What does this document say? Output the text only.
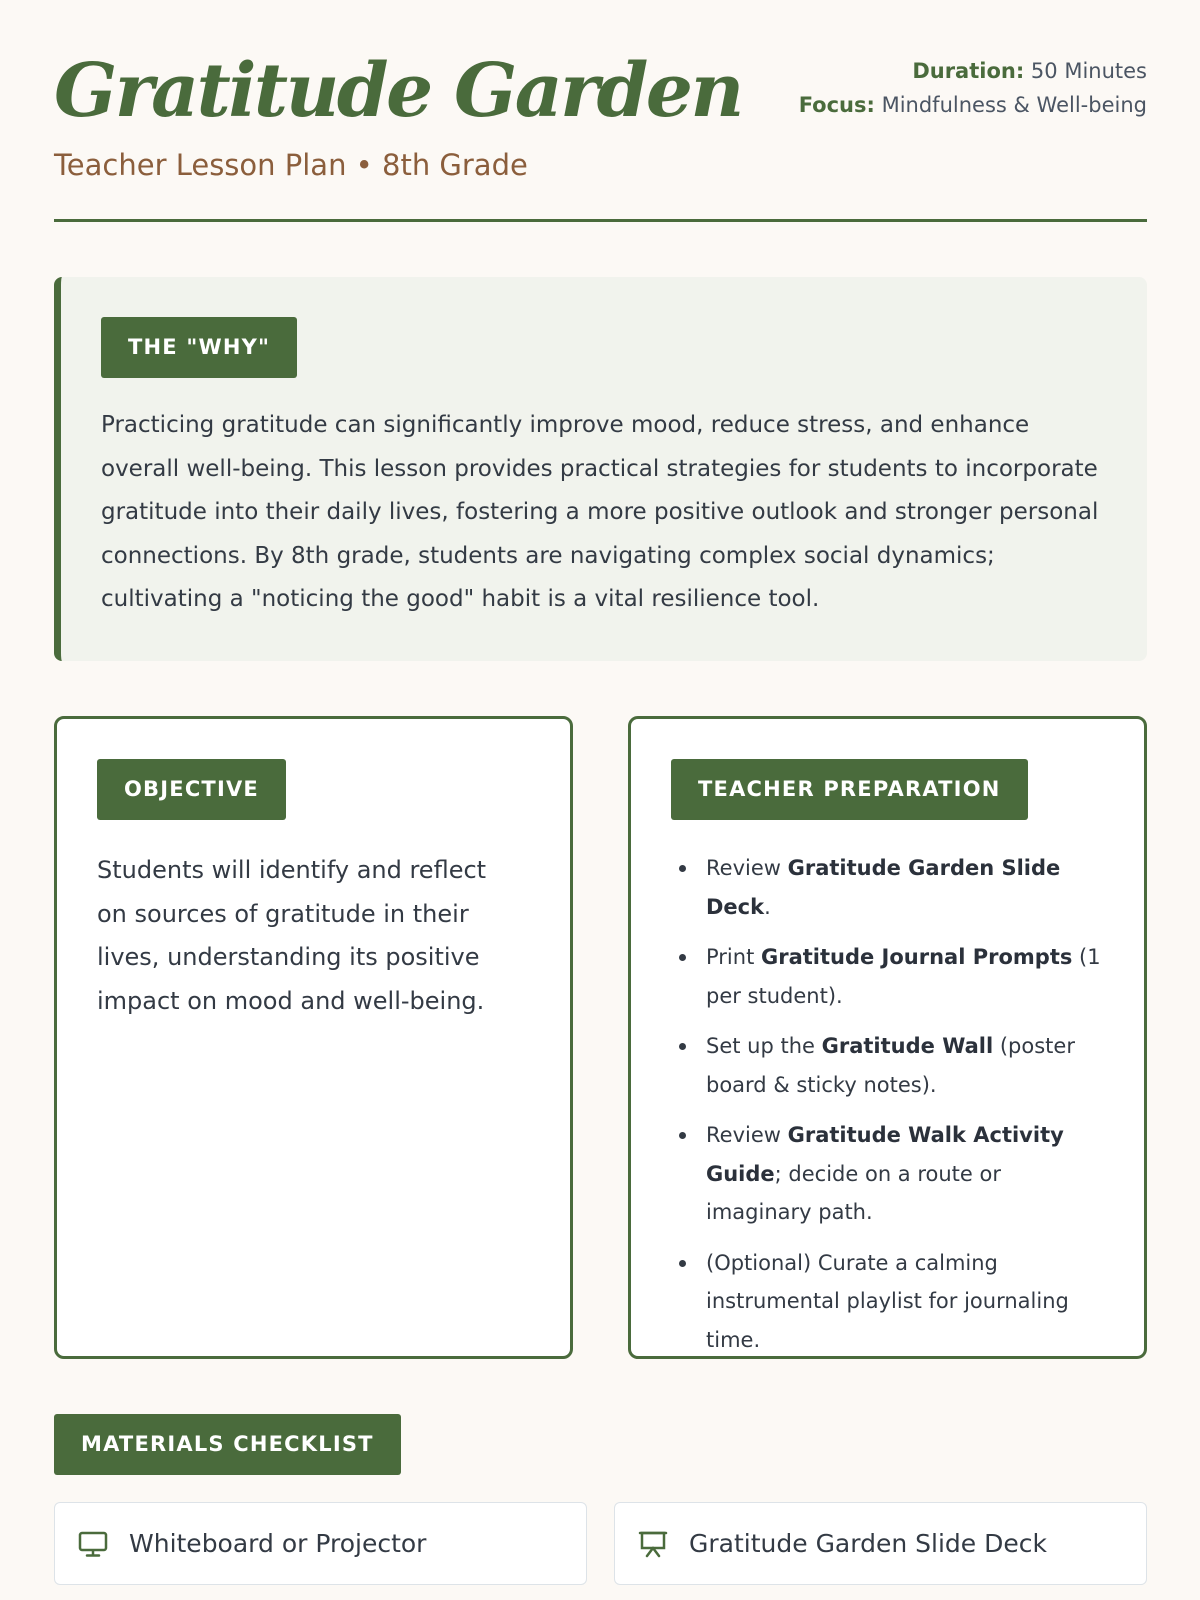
Gratitude Garden
Teacher Lesson Plan • 8th Grade
Duration: 50 Minutes
Focus: Mindfulness & Well-being
THE "WHY"

Practicing gratitude can significantly improve mood, reduce stress, and enhance overall well-being. This lesson provides practical strategies for students to incorporate gratitude into their daily lives, fostering a more positive outlook and stronger personal connections. By 8th grade, students are navigating complex social dynamics; cultivating a "noticing the good" habit is a vital resilience tool.

OBJECTIVE
Students will identify and reflect on sources of gratitude in their lives, understanding its positive impact on mood and well-being.
TEACHER PREPARATION
Review Gratitude Garden Slide Deck.
Print Gratitude Journal Prompts (1 per student).
Set up the Gratitude Wall (poster board & sticky notes).
Review Gratitude Walk Activity Guide; decide on a route or imaginary path.
(Optional) Curate a calming instrumental playlist for journaling time.
MATERIALS CHECKLIST
Whiteboard or Projector	Gratitude Garden Slide Deck
